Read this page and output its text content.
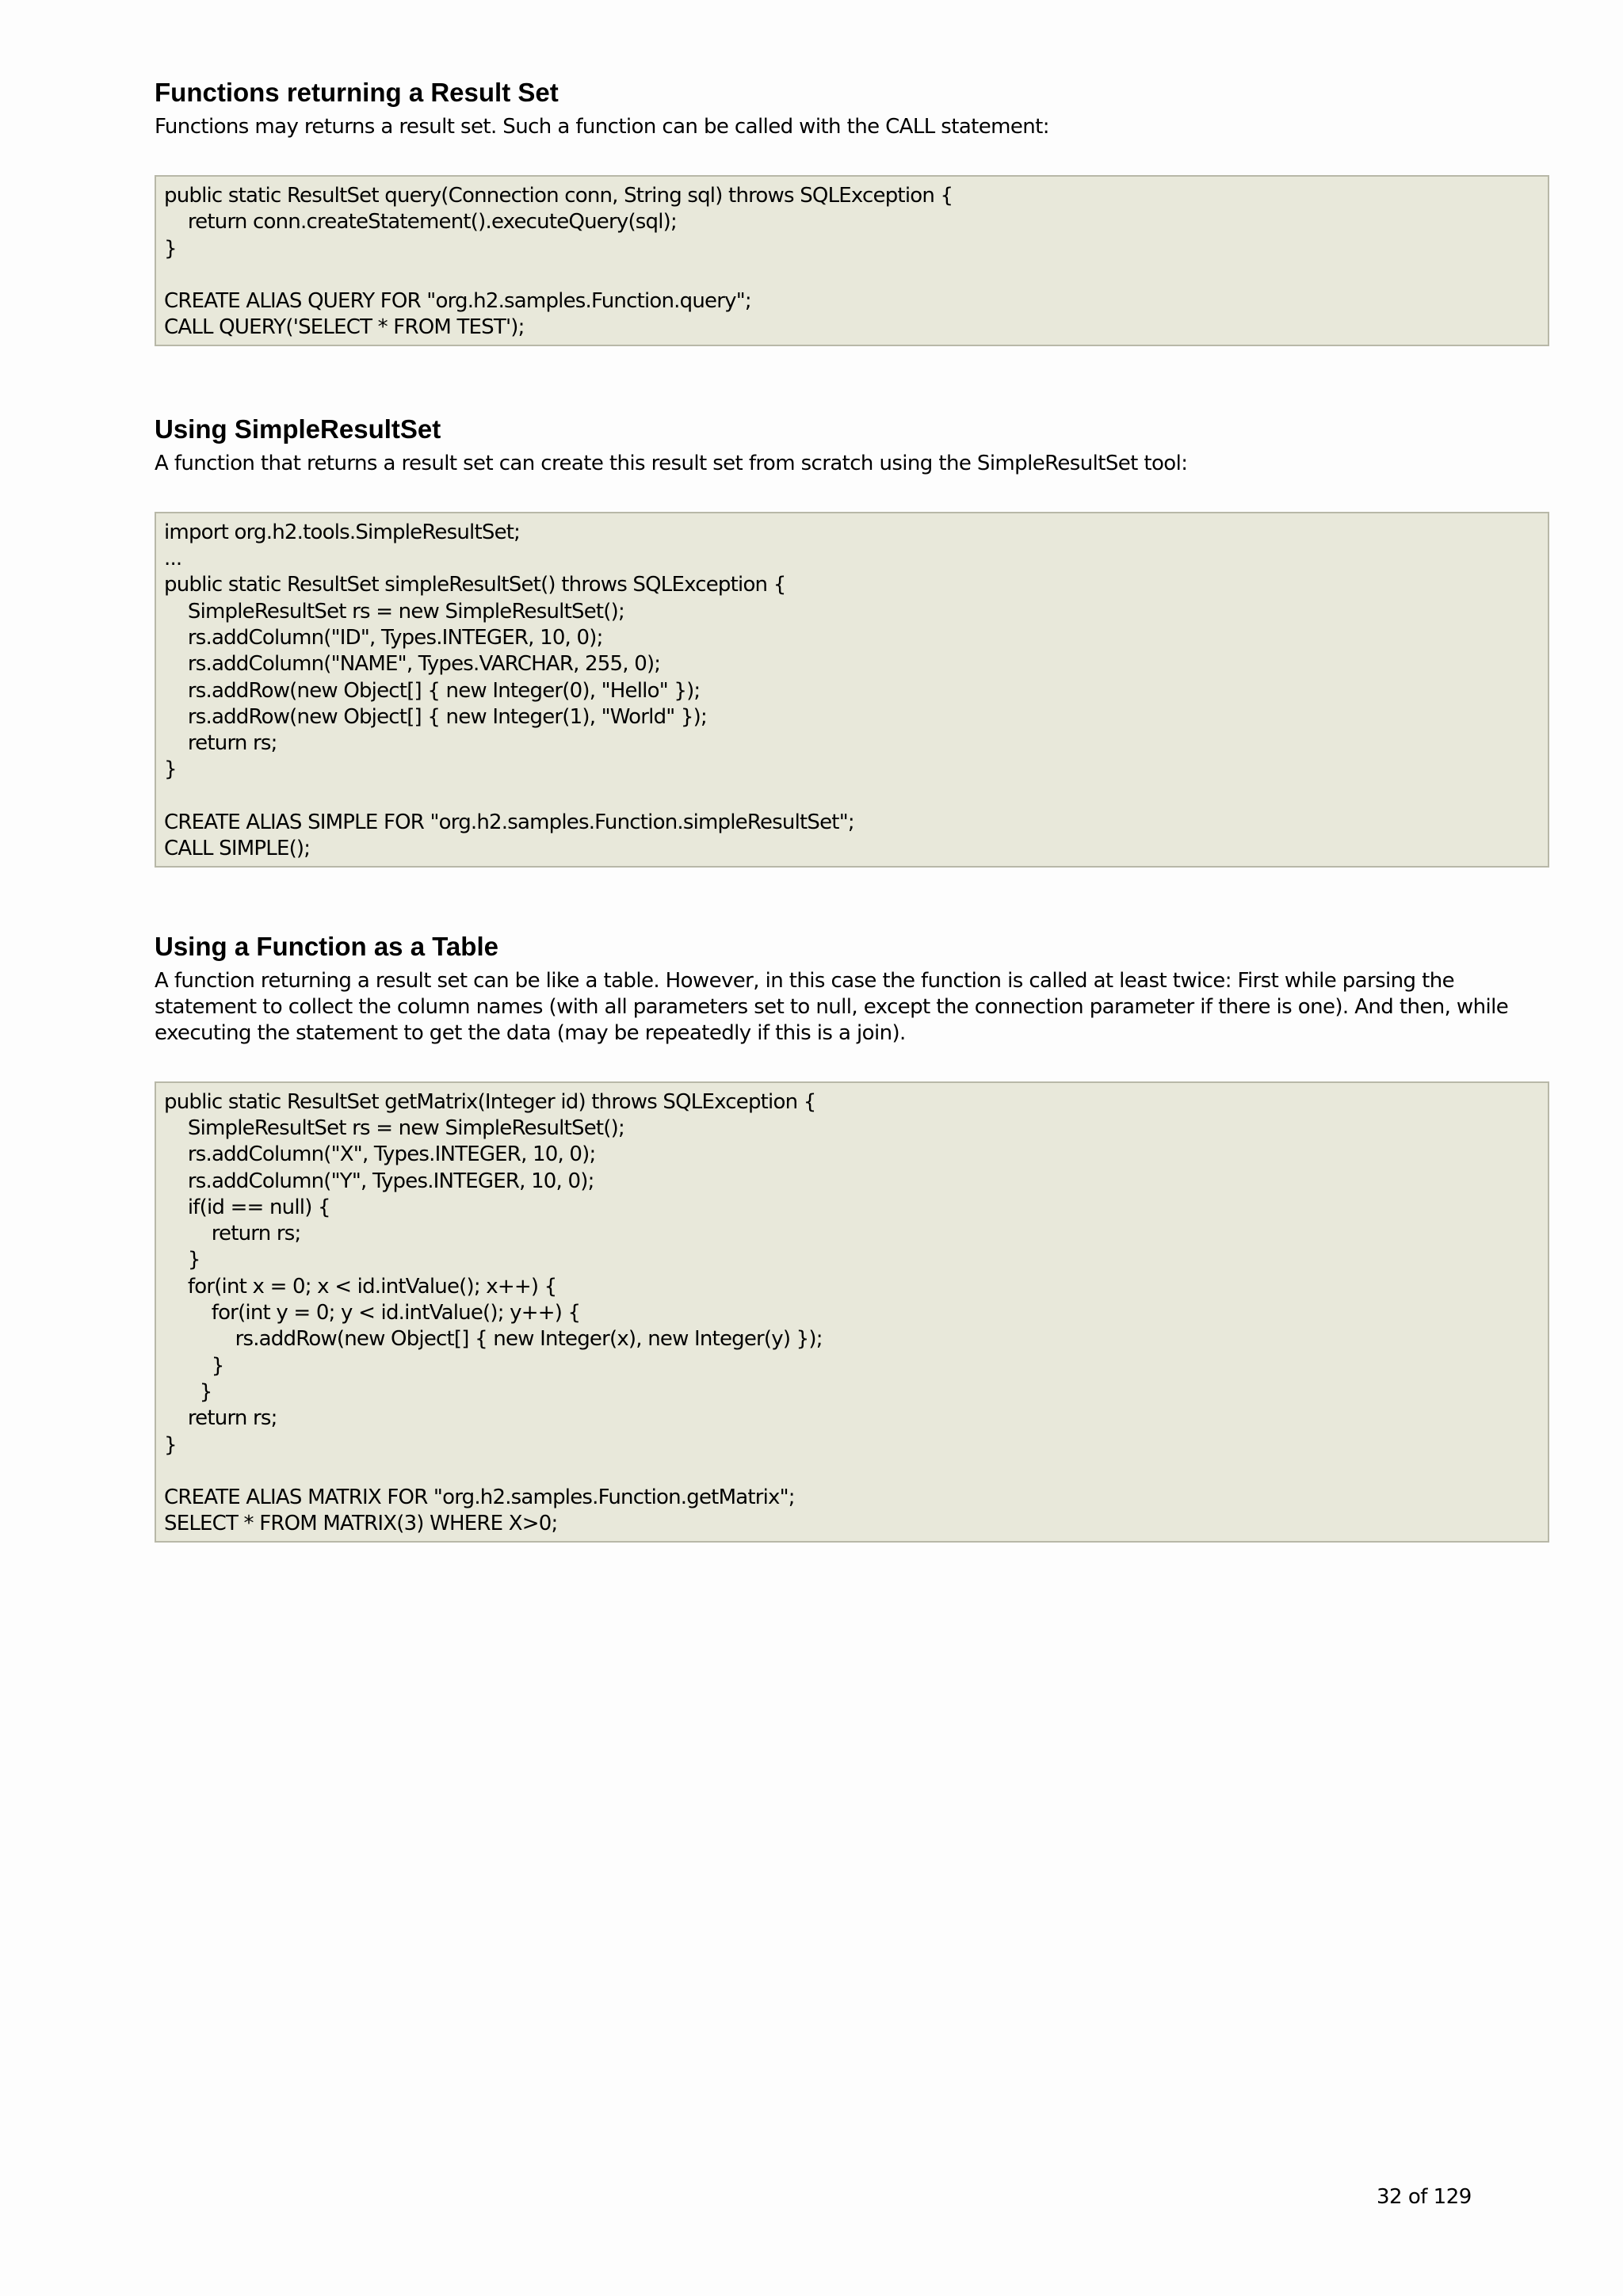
Functions returning a Result Set

Functions may returns a result set. Such a function can be called with the CALL statement:

public static ResultSet query(Connection conn, String sql) throws SQLException {
return conn.createStatement().executeQuery(sql);
}
CREATE ALIAS QUERY FOR "org.h2.samples.Function.query";
CALL QUERY('SELECT * FROM TEST');
Using SimpleResultSet

A function that returns a result set can create this result set from scratch using the SimpleResultSet tool:

import org.h2.tools.SimpleResultSet;
...
public static ResultSet simpleResultSet() throws SQLException {
SimpleResultSet rs = new SimpleResultSet();
rs.addColumn("ID", Types.INTEGER, 10, 0);
rs.addColumn("NAME", Types.VARCHAR, 255, 0);
rs.addRow(new Object[] { new Integer(0), "Hello" });
rs.addRow(new Object[] { new Integer(1), "World" });
return rs;
}
CREATE ALIAS SIMPLE FOR "org.h2.samples.Function.simpleResultSet";
CALL SIMPLE();
Using a Function as a Table

A function returning a result set can be like a table. However, in this case the function is called at least twice: First while parsing the statement to collect the column names (with all parameters set to null, except the connection parameter if there is one). And then, while executing the statement to get the data (may be repeatedly if this is a join).

public static ResultSet getMatrix(Integer id) throws SQLException {
SimpleResultSet rs = new SimpleResultSet();
rs.addColumn("X", Types.INTEGER, 10, 0);
rs.addColumn("Y", Types.INTEGER, 10, 0);
if(id == null) {
return rs;
}
for(int x = 0; x < id.intValue(); x++) {
for(int y = 0; y < id.intValue(); y++) {
rs.addRow(new Object[] { new Integer(x), new Integer(y) });
}
}
return rs;
}
CREATE ALIAS MATRIX FOR "org.h2.samples.Function.getMatrix";
SELECT * FROM MATRIX(3) WHERE X>0;
32 of 129
